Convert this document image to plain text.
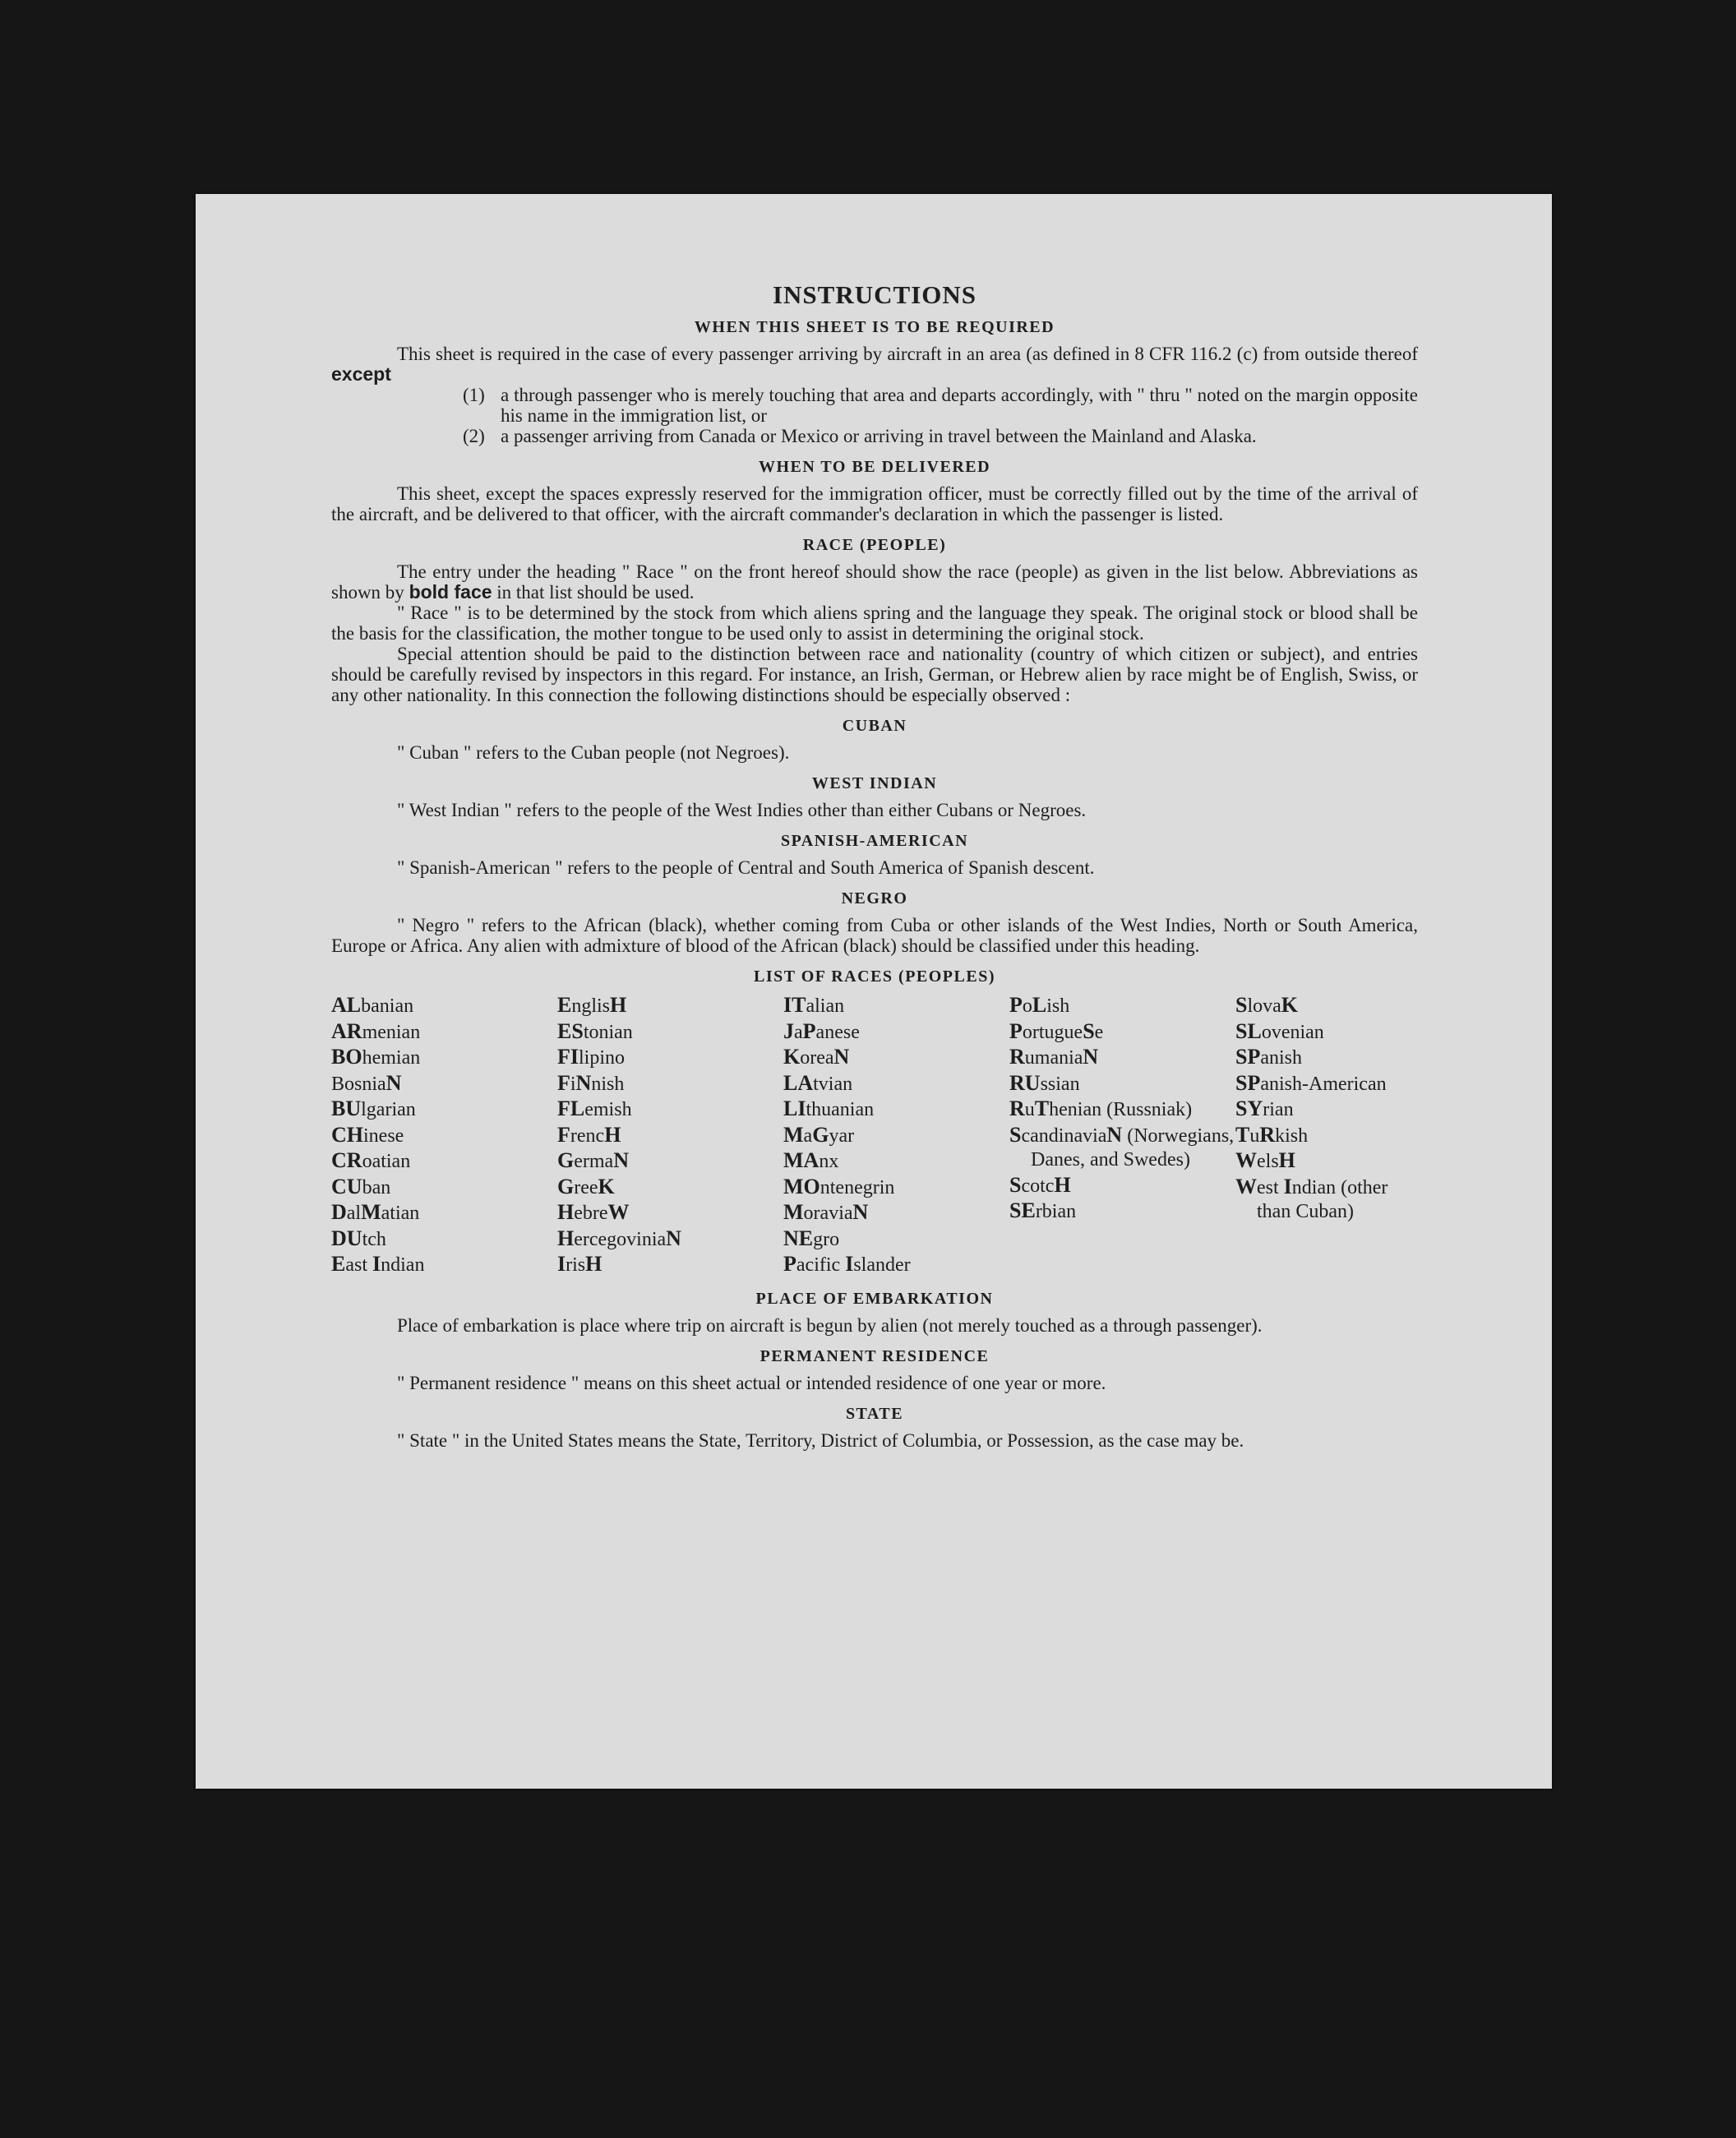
INSTRUCTIONS
WHEN THIS SHEET IS TO BE REQUIRED

This sheet is required in the case of every passenger arriving by aircraft in an area (as defined in 8 CFR 116.2 (c) from outside thereof except

(1) a through passenger who is merely touching that area and departs accordingly, with " thru " noted on the margin opposite his name in the immigration list, or
(2) a passenger arriving from Canada or Mexico or arriving in travel between the Mainland and Alaska.
WHEN TO BE DELIVERED

This sheet, except the spaces expressly reserved for the immigration officer, must be correctly filled out by the time of the arrival of the aircraft, and be delivered to that officer, with the aircraft commander's declaration in which the passenger is listed.

RACE (PEOPLE)

The entry under the heading " Race " on the front hereof should show the race (people) as given in the list below. Abbreviations as shown by bold face in that list should be used.

" Race " is to be determined by the stock from which aliens spring and the language they speak. The original stock or blood shall be the basis for the classification, the mother tongue to be used only to assist in determining the original stock.

Special attention should be paid to the distinction between race and nationality (country of which citizen or subject), and entries should be carefully revised by inspectors in this regard. For instance, an Irish, German, or Hebrew alien by race might be of English, Swiss, or any other nationality. In this connection the following distinctions should be especially observed :

CUBAN

" Cuban " refers to the Cuban people (not Negroes).

WEST INDIAN

" West Indian " refers to the people of the West Indies other than either Cubans or Negroes.

SPANISH-AMERICAN

" Spanish-American " refers to the people of Central and South America of Spanish descent.

NEGRO

" Negro " refers to the African (black), whether coming from Cuba or other islands of the West Indies, North or South America, Europe or Africa. Any alien with admixture of blood of the African (black) should be classified under this heading.

LIST OF RACES (PEOPLES)
ALbanian
ARmenian
BOhemian
BosniaN
BUlgarian
CHinese
CRoatian
CUban
DalMatian
DUtch
East Indian
EnglisH
EStonian
FIlipino
FiNnish
FLemish
FrencH
GermaN
GreeK
HebreW
HercegoviniaN
IrisH
ITalian
JaPanese
KoreaN
LAtvian
LIthuanian
MaGyar
MAnx
MOntenegrin
MoraviaN
NEgro
Pacific Islander
PoLish
PortugueSe
RumaniaN
RUssian
RuThenian (Russniak)
ScandinaviaN (Norwegians, Danes, and Swedes)
ScotcH
SErbian
SlovaK
SLovenian
SPanish
SPanish-American
SYrian
TuRkish
WelsH
West Indian (other than Cuban)
PLACE OF EMBARKATION

Place of embarkation is place where trip on aircraft is begun by alien (not merely touched as a through passenger).

PERMANENT RESIDENCE

" Permanent residence " means on this sheet actual or intended residence of one year or more.

STATE

" State " in the United States means the State, Territory, District of Columbia, or Possession, as the case may be.
